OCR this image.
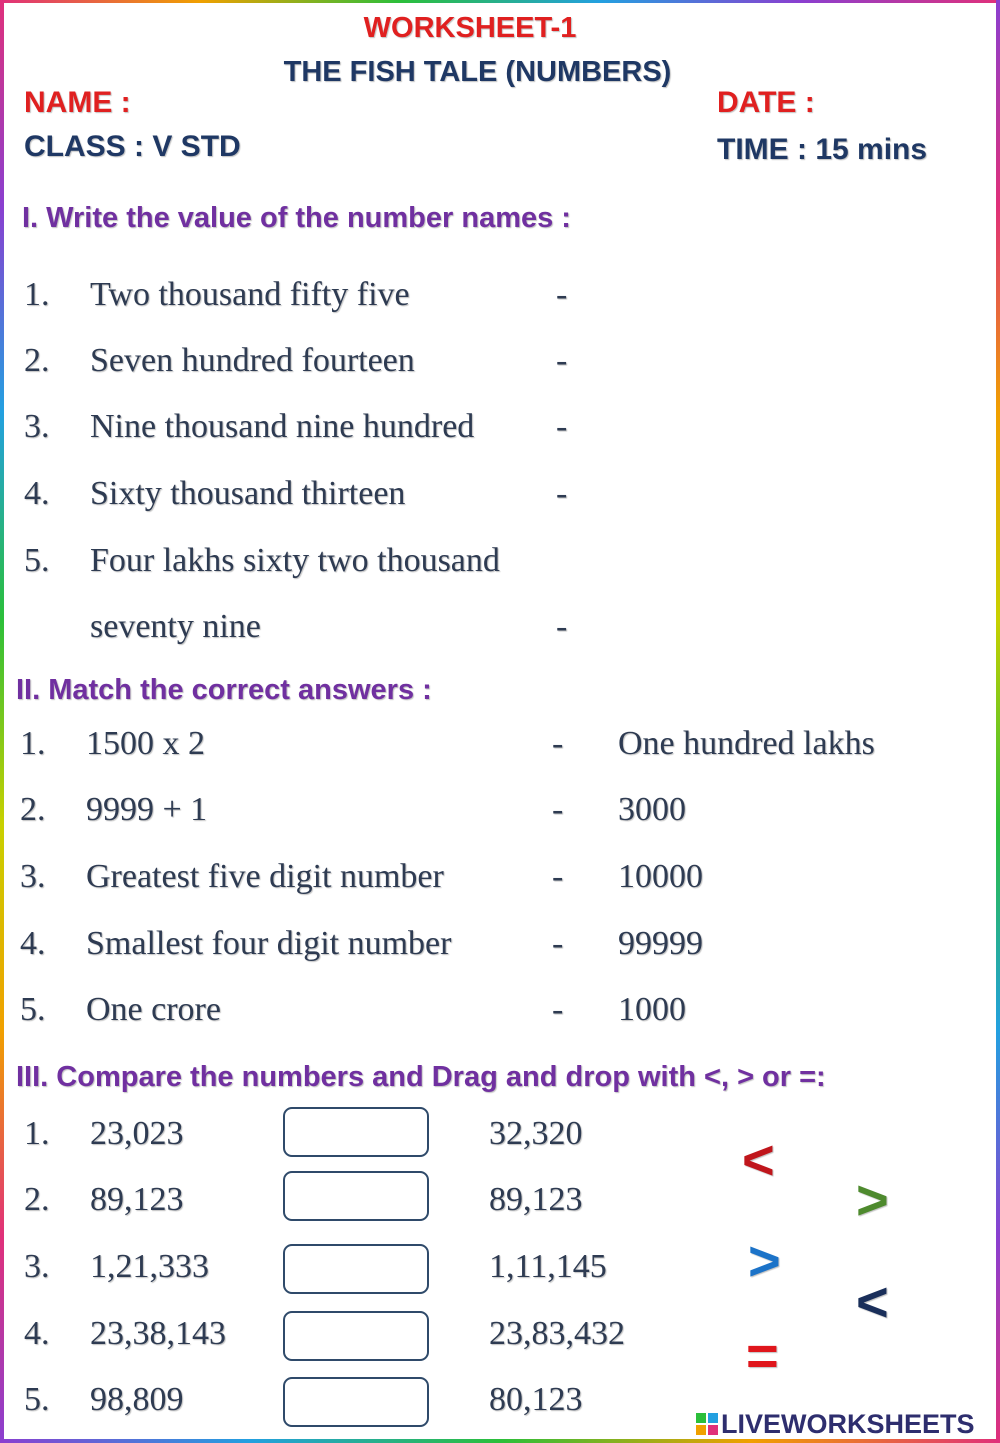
WORKSHEET-1
THE FISH TALE (NUMBERS)
NAME :	DATE :
CLASS : V STD	TIME : 15 mins
I. Write the value of the number names :
1. Two thousand fifty five	-
2. Seven hundred fourteen	-
3. Nine thousand nine hundred -
4. Sixty thousand thirteen	-
5. Four lakhs sixty two thousand
seventy nine	-
II. Match the correct answers :
1. 1500 x 2	- One hundred lakhs
2. 9999 + 1	- 3000
3. Greatest five digit number	- 10000
4. Smallest four digit number	- 99999
5. One crore	- 1000
III. Compare the numbers and Drag and drop with <, > or =:
1. 23,023	32,320
2. 89,123	89,123
3. 1,21,333	1,11,145
4. 23,38,143	23,83,432
5. 98,809	80,123
<
>
>
<
=
LIVEWORKSHEETS
